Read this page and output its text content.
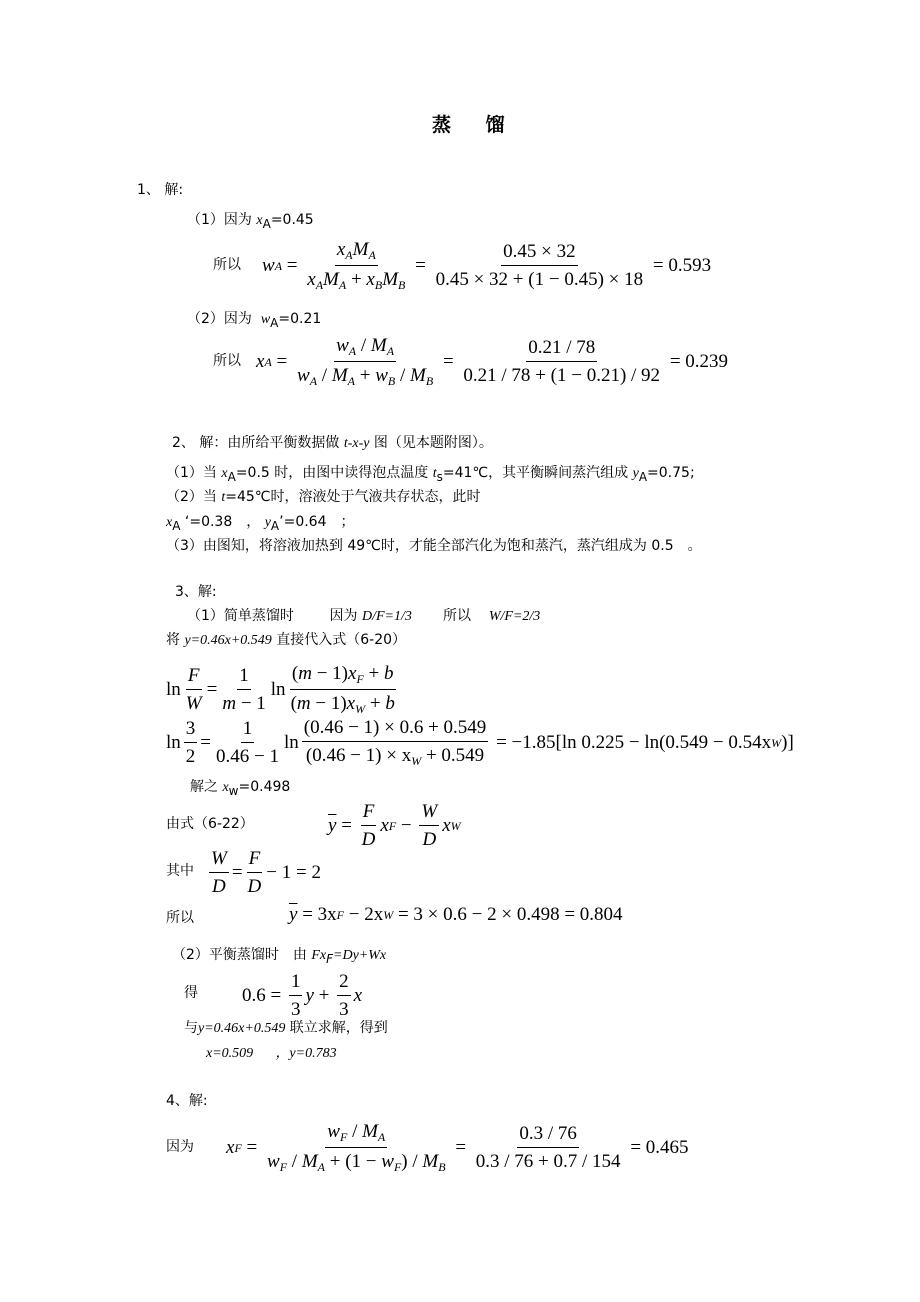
蒸 馏
1、 解:
（1）因为 $x_A=0.45$
所以 w $A = \frac{x_AM_A}{x_AM_A + x_BM_B} = \frac{0.45 \times 32}{0.45 \times 32 + (1 - 0.45) \times 18}$
= 0.593
（2）因为 $w_A=0.21$
所以 x $A = \frac{w_A / M_A}{w_A / M_A + w_B / M_B} = \frac{0.21 / 78}{0.21 / 78 + (1 - 0.21) / 92}$
= 0.239
2、 解：由所给平衡数据做 t-x-y 图（见本题附图）。
（1）当 $x_A=0.5$ 时，由图中读得泡点温度 $t_s=41℃$，其平衡瞬间蒸汽组成 $y_A=0.75$;
（2）当 t=45℃时，溶液处于气液共存状态，此时
$x_A$ ‘=0.38　， $y_A’=0.64$　；
（3）由图知，将溶液加热到 49℃时，才能全部汽化为饱和蒸汽，蒸汽组成为 0.5　。
3、解:
（1）简单蒸馏时	因为 D/F=1/3 所以 W/F=2/3
将 y=0.46x+0.549 直接代入式（6-20）
$\ln \frac{F}{W} = \frac{1}{m - 1}$ $\ln \frac{(m - 1)x_F + b}{(m - 1)x_W + b}$
$\ln \frac{3}{2} = \frac{1}{0.46 - 1}$ $\ln \frac{(0.46 - 1) \times 0.6 + 0.549}{(0.46 - 1) \times x_W + 0.549}$
= −1.85[ln 0.225 − ln(0.549 − 0.54x W )]
解之 $x_w=0.498$
由式（6-22）	$\overline{y} = \frac{F}{D}$ x $F - \frac{W}{D}$ x W
其中 $\frac{W}{D} = \frac{F}{D} - 1 = 2$
所以	$\overline{y}$
= 3x F
− 2x W
= 3 × 0.6 − 2 × 0.498 = 0.804
（2）平衡蒸馏时　由 $Fx_F=Dy+Wx$
得 $0.6 = \frac{1}{3}$ $y + \frac{2}{3}$ x
与y=0.46x+0.549 联立求解，得到
x=0.509 ，y=0.783
4、解:
因为 x $F = \frac{w_F / M_A}{w_F / M_A + (1 - w_F) / M_B} = \frac{0.3 / 76}{0.3 / 76 + 0.7 / 154}$
= 0.465
